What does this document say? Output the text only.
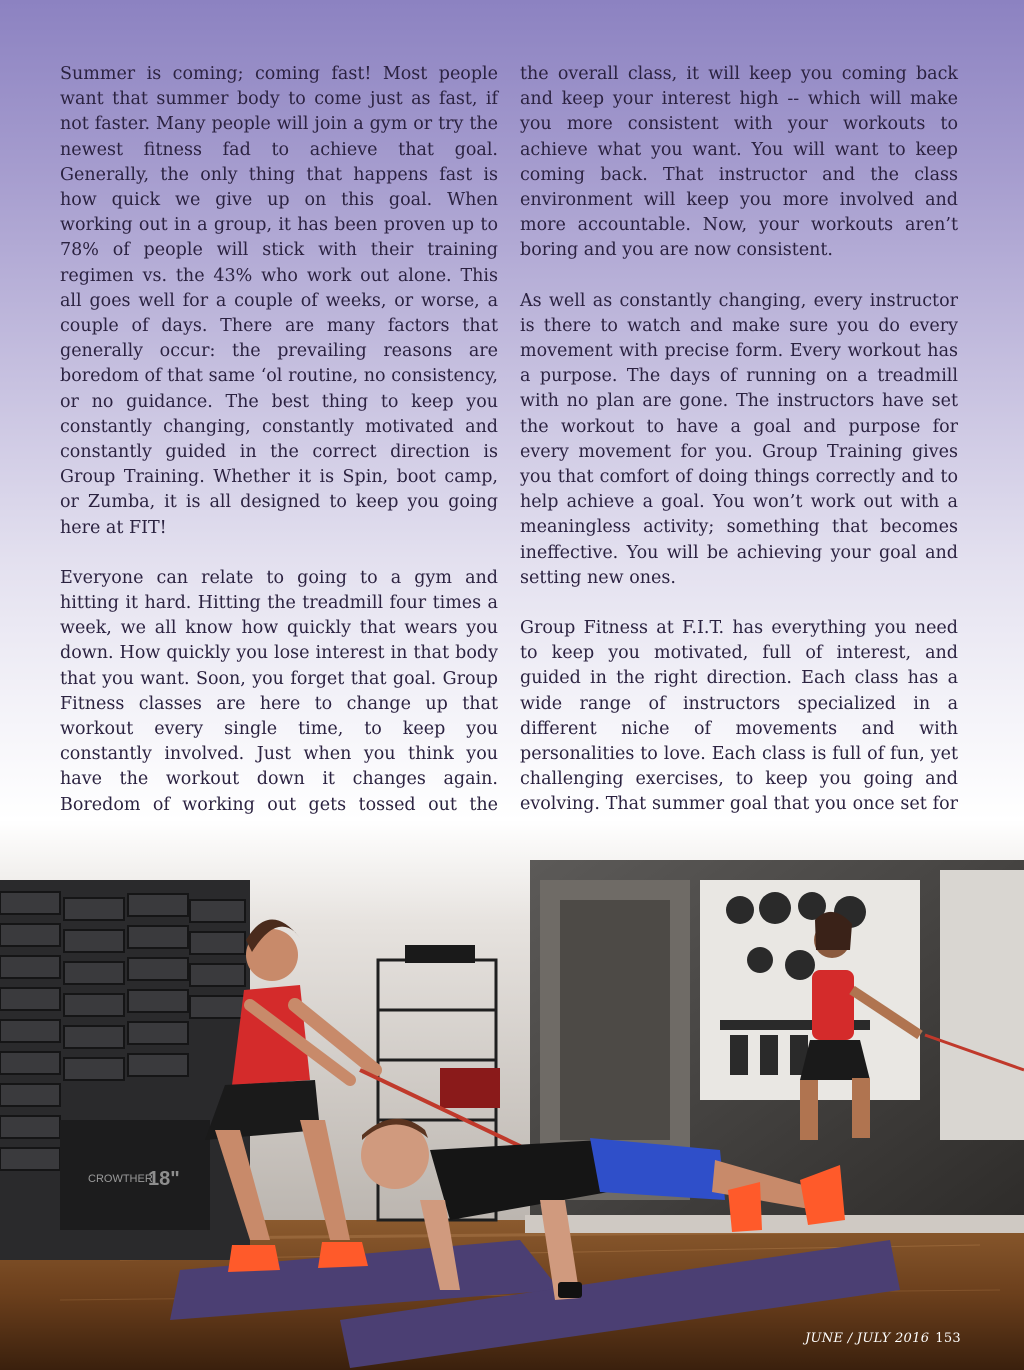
Summer is coming; coming fast! Most people want that summer body to come just as fast, if not faster. Many people will join a gym or try the newest fitness fad to achieve that goal. Generally, the only thing that happens fast is how quick we give up on this goal. When working out in a group, it has been proven up to 78% of people will stick with their training regimen vs. the 43% who work out alone. This all goes well for a couple of weeks, or worse, a couple of days. There are many factors that generally occur: the prevailing reasons are boredom of that same ‘ol routine, no consistency, or no guidance. The best thing to keep you constantly changing, constantly motivated and constantly guided in the correct direction is Group Training. Whether it is Spin, boot camp, or Zumba, it is all designed to keep you going here at FIT!

Everyone can relate to going to a gym and hitting it hard. Hitting the treadmill four times a week, we all know how quickly that wears you down. How quickly you lose interest in that body that you want. Soon, you forget that goal. Group Fitness classes are here to change up that workout every single time, to keep you constantly involved. Just when you think you have the workout down it changes again. Boredom of working out gets tossed out the

the overall class, it will keep you coming back and keep your interest high -- which will make you more consistent with your workouts to achieve what you want. You will want to keep coming back. That instructor and the class environment will keep you more involved and more accountable. Now, your workouts aren’t boring and you are now consistent.

As well as constantly changing, every instructor is there to watch and make sure you do every movement with precise form. Every workout has a purpose. The days of running on a treadmill with no plan are gone. The instructors have set the workout to have a goal and purpose for every movement for you. Group Training gives you that comfort of doing things correctly and to help achieve a goal. You won’t work out with a meaningless activity; something that becomes ineffective. You will be achieving your goal and setting new ones.

Group Fitness at F.I.T. has everything you need to keep you motivated, full of interest, and guided in the right direction. Each class has a wide range of instructors specialized in a different niche of movements and with personalities to love. Each class is full of fun, yet challenging exercises, to keep you going and evolving. That summer goal that you once set for

CROWTHER
18"
JUNE / JULY 2016 153
